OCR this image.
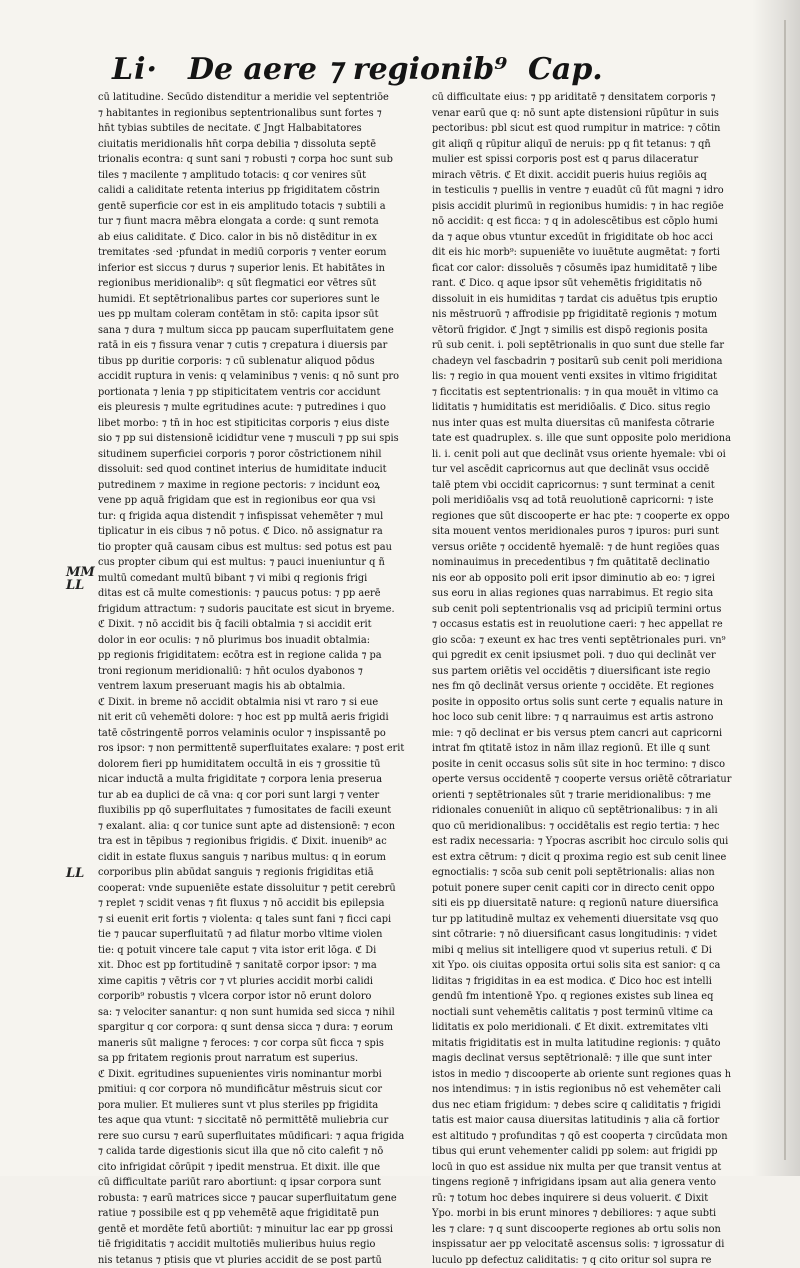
Li· De aere ⁊ regionib⁹ Cap.
MM
LL
LL
cū latitudine. Secūdo distenditur a meridie vel septentriōe
⁊ habitantes in regionibus septentrionalibus sunt fortes ⁊
hn̄t tybias subtiles de necitate. ℭ Jngt Halbabitatores
ciuitatis meridionalis hn̄t corpa debilia ⁊ dissoluta septē
trionalis econtra: q sunt sani ⁊ robusti ⁊ corpa hoc sunt sub
tiles ⁊ macilente ⁊ amplitudo totacis: q cor venires sūt
calidi a caliditate retenta interius pp frigiditatem cōstrin
gentē superficie cor est in eis amplitudo totacis ⁊ subtili a
tur ⁊ fiunt macra mēbra elongata a corde: q sunt remota
ab eius caliditate. ℭ Dico. calor in bis nō distēditur in ex
tremitates ·sed ·pfundat in mediū corporis ⁊ venter eorum
inferior est siccus ⁊ durus ⁊ superior lenis. Et habitātes in
regionibus meridionalib⁹: q sūt flegmatici eor vētres sūt
humidi. Et septētrionalibus partes cor superiores sunt le
ues pp multam coleram contētam in stō: capita ipsor sūt
sana ⁊ dura ⁊ multum sicca pp paucam superfluitatem gene
ratā in eis ⁊ fissura venar ⁊ cutis ⁊ crepatura i diuersis par
tibus pp duritie corporis: ⁊ cū sublenatur aliquod pōdus
accidit ruptura in venis: q velaminibus ⁊ venis: q nō sunt pro
portionata ⁊ lenia ⁊ pp stipiticitatem ventris cor accidunt
eis pleuresis ⁊ multe egritudines acute: ⁊ putredines i quo
libet morbo: ⁊ tn̄ in hoc est stipiticitas corporis ⁊ eius diste
sio ⁊ pp sui distensionē icididtur vene ⁊ musculi ⁊ pp sui spis
situdinem superficiei corporis ⁊ poror cōstrictionem nihil
dissoluit: sed quod continet interius de humiditate inducit
putredinem ⁊ maxime in regione pectoris: ⁊ incidunt eoꝝ
vene pp aquā frigidam que est in regionibus eor qua vsi
tur: q frigida aqua distendit ⁊ infispissat vehemēter ⁊ mul
tiplicatur in eis cibus ⁊ nō potus. ℭ Dico. nō assignatur ra
tio propter quā causam cibus est multus: sed potus est pau
cus propter cibum qui est multus: ⁊ pauci inueniuntur q ñ
multū comedant multū bibant ⁊ vi mibi q regionis frigi
ditas est cā multe comestionis: ⁊ paucus potus: ⁊ pp aerē
frigidum attractum: ⁊ sudoris paucitate est sicut in bryeme.
ℭ Dixit. ⁊ nō accidit bis q̄ facili obtalmia ⁊ si accidit erit
dolor in eor oculis: ⁊ nō plurimus bos inuadit obtalmia:
pp regionis frigiditatem: ecōtra est in regione calida ⁊ pa
troni regionum meridionaliū: ⁊ hn̄t oculos dyabonos ⁊
ventrem laxum preseruant magis his ab obtalmia.
ℭ Dixit. in breme nō accidit obtalmia nisi vt raro ⁊ si eue
nit erit cū vehemēti dolore: ⁊ hoc est pp multā aeris frigidi
tatē cōstringentē porros velaminis oculor ⁊ inspissantē po
ros ipsor: ⁊ non permittentē superfluitates exalare: ⁊ post erit
dolorem fieri pp humiditatem occultā in eis ⁊ grossitie tū
nicar inductā a multa frigiditate ⁊ corpora lenia preserua
tur ab ea duplici de cā vna: q cor pori sunt largi ⁊ venter
fluxibilis pp qō superfluitates ⁊ fumositates de facili exeunt
⁊ exalant. alia: q cor tunice sunt apte ad distensionē: ⁊ econ
tra est in tēpibus ⁊ regionibus frigidis. ℭ Dixit. inuenib⁹ ac
cidit in estate fluxus sanguis ⁊ naribus multus: q in eorum
corporibus plin abūdat sanguis ⁊ regionis frigiditas etiā
cooperat: vnde supueniēte estate dissoluitur ⁊ petit cerebrū
⁊ replet ⁊ scidit venas ⁊ fit fluxus ⁊ nō accidit bis epilepsia
⁊ si euenit erit fortis ⁊ violenta: q tales sunt fani ⁊ ficci capi
tie ⁊ paucar superfluitatū ⁊ ad filatur morbo vltime violen
tie: q potuit vincere tale caput ⁊ vita istor erit lōga. ℭ Di
xit. Dhoc est pp fortitudinē ⁊ sanitatē corpor ipsor: ⁊ ma
xime capitis ⁊ vētris cor ⁊ vt pluries accidit morbi calidi
corporib⁹ robustis ⁊ vlcera corpor istor nō erunt doloro
sa: ⁊ velociter sanantur: q non sunt humida sed sicca ⁊ nihil
spargitur q cor corpora: q sunt densa sicca ⁊ dura: ⁊ eorum
maneris sūt maligne ⁊ feroces: ⁊ cor corpa sūt ficca ⁊ spis
sa pp fritatem regionis prout narratum est superius.
ℭ Dixit. egritudines supuenientes viris nominantur morbi
pmitiui: q cor corpora nō mundificātur mēstruis sicut cor
pora mulier. Et mulieres sunt vt plus steriles pp frigidita
tes aque qua vtunt: ⁊ siccitatē nō permittētē muliebria cur
rere suo cursu ⁊ earū superfluitates mūdificari: ⁊ aqua frigida
⁊ calida tarde digestionis sicut illa que nō cito calefit ⁊ nō
cito infrigidat cōrūpit ⁊ ipedit menstrua. Et dixit. ille que
cū difficultate pariūt raro abortiunt: q ipsar corpora sunt
robusta: ⁊ earū matrices sicce ⁊ paucar superfluitatum gene
ratiue ⁊ possibile est q pp vehemētē aque frigiditatē pun
gentē et mordēte fetū abortiūt: ⁊ minuitur lac ear pp grossi
tiē frigiditatis ⁊ accidit multotiēs mulieribus huius regio
nis tetanus ⁊ ptisis que vt pluries accidit de se post partū
cū difficultate eius: ⁊ pp ariditatē ⁊ densitatem corporis ⁊
venar earū que q: nō sunt apte distensioni rūpūtur in suis
pectoribus: pbl sicut est quod rumpitur in matrice: ⁊ cōtin
git aliqñ q rūpitur aliquī de neruis: pp q fit tetanus: ⁊ qñ
mulier est spissi corporis post est q parus dilaceratur
mirach vētris. ℭ Et dixit. accidit pueris huius regiōis aq
in testiculis ⁊ puellis in ventre ⁊ euadūt cū fūt magni ⁊ idro
pisis accidit plurimū in regionibus humidis: ⁊ in hac regiōe
nō accidit: q est ficca: ⁊ q in adolescētibus est cōplo humi
da ⁊ aque obus vtuntur excedūt in frigiditate ob hoc acci
dit eis hic morb⁹: supueniēte vo iuuētute augmētat: ⁊ forti
ficat cor calor: dissoluēs ⁊ cōsumēs ipaz humiditatē ⁊ libe
rant. ℭ Dico. q aque ipsor sūt vehemētis frigiditatis nō
dissoluit in eis humiditas ⁊ tardat cis aduētus tpis eruptio
nis mēstruorū ⁊ affrodisie pp frigiditatē regionis ⁊ motum
vētorū frigidor. ℭ Jngt ⁊ similis est dispō regionis posita
rū sub cenit. i. poli septētrionalis in quo sunt due stelle far
chadeyn vel fascbadrin ⁊ positarū sub cenit poli meridiona
lis: ⁊ regio in qua mouent venti exsites in vltimo frigiditat
⁊ ficcitatis est septentrionalis: ⁊ in qua mouēt in vltimo ca
liditatis ⁊ humiditatis est meridiōalis. ℭ Dico. situs regio
nus inter quas est multa diuersitas cū manifesta cōtrarie
tate est quadruplex. s. ille que sunt opposite polo meridiona
li. i. cenit poli aut que declināt vsus oriente hyemale: vbi oi
tur vel ascēdit capricornus aut que declināt vsus occidē
talē ptem vbi occidit capricornus: ⁊ sunt terminat a cenit
poli meridiōalis vsq ad totā reuolutionē capricorni: ⁊ iste
regiones que sūt discooperte er hac pte: ⁊ cooperte ex oppo
sita mouent ventos meridionales puros ⁊ ipuros: puri sunt
versus oriēte ⁊ occidentē hyemalē: ⁊ de hunt regiōes quas
nominauimus in precedentibus ⁊ fm quātitatē declinatio
nis eor ab opposito poli erit ipsor diminutio ab eo: ⁊ igrei
sus eoru in alias regiones quas narrabimus. Et regio sita
sub cenit poli septentrionalis vsq ad pricipiū termini ortus
⁊ occasus estatis est in reuolutione caeri: ⁊ hec appellat re
gio scōa: ⁊ exeunt ex hac tres venti septētrionales puri. vn⁹
qui pgredit ex cenit ipsiusmet poli. ⁊ duo qui declināt ver
sus partem oriētis vel occidētis ⁊ diuersificant iste regio
nes fm qō declināt versus oriente ⁊ occidēte. Et regiones
posite in opposito ortus solis sunt certe ⁊ equalis nature in
hoc loco sub cenit libre: ⁊ q narrauimus est artis astrono
mie: ⁊ qō declinat er bis versus ptem cancri aut capricorni
intrat fm qtitatē istoz in nām illaz regionū. Et ille q sunt
posite in cenit occasus solis sūt site in hoc termino: ⁊ disco
operte versus occidentē ⁊ cooperte versus oriētē cōtrariatur
orienti ⁊ septētrionales sūt ⁊ trarie meridionalibus: ⁊ me
ridionales conueniūt in aliquo cū septētrionalibus: ⁊ in ali
quo cū meridionalibus: ⁊ occidētalis est regio tertia: ⁊ hec
est radix necessaria: ⁊ Ypocras ascribit hoc circulo solis qui
est extra cētrum: ⁊ dicit q proxima regio est sub cenit linee
egnoctialis: ⁊ scōa sub cenit poli septētrionalis: alias non
potuit ponere super cenit capiti cor in directo cenit oppo
siti eis pp diuersitatē nature: q regionū nature diuersifica
tur pp latitudinē multaz ex vehementi diuersitate vsq quo
sint cōtrarie: ⁊ nō diuersificant casus longitudinis: ⁊ videt
mibi q melius sit intelligere quod vt superius retuli. ℭ Di
xit Ypo. ois ciuitas opposita ortui solis sita est sanior: q ca
liditas ⁊ frigiditas in ea est modica. ℭ Dico hoc est intelli
gendū fm intentionē Ypo. q regiones existes sub linea eq
noctiali sunt vehemētis calitatis ⁊ post terminū vltime ca
liditatis ex polo meridionali. ℭ Et dixit. extremitates vlti
mitatis frigiditatis est in multa latitudine regionis: ⁊ quāto
magis declinat versus septētrionalē: ⁊ ille que sunt inter
istos in medio ⁊ discooperte ab oriente sunt regiones quas h
nos intendimus: ⁊ in istis regionibus nō est vehemēter cali
dus nec etiam frigidum: ⁊ debes scire q caliditatis ⁊ frigidi
tatis est maior causa diuersitas latitudinis ⁊ alia cā fortior
est altitudo ⁊ profunditas ⁊ qō est cooperta ⁊ circūdata mon
tibus qui erunt vehementer calidi pp solem: aut frigidi pp
locū in quo est assidue nix multa per que transit ventus at
tingens regionē ⁊ infrigidans ipsam aut alia genera vento
rū: ⁊ totum hoc debes inquirere si deus voluerit. ℭ Dixit
Ypo. morbi in bis erunt minores ⁊ debiliores: ⁊ aque subti
les ⁊ clare: ⁊ q sunt discooperte regiones ab ortu solis non
inspissatur aer pp velocitatē ascensus solis: ⁊ igrossatur di
luculo pp defectuz caliditatis: ⁊ q cito oritur sol supra re
